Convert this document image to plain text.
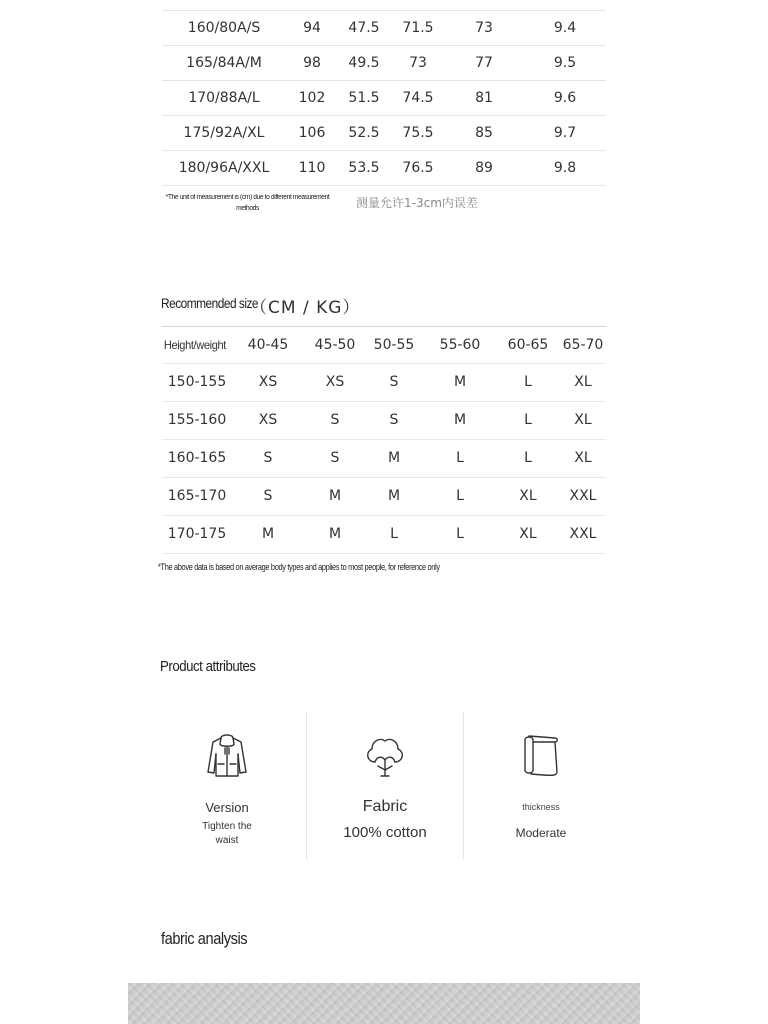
160/80A/S	94	47.5	71.5	73	9.4
165/84A/M	98	49.5	73	77	9.5
170/88A/L	102	51.5	74.5	81	9.6
175/92A/XL	106	52.5	75.5	85	9.7
180/96A/XXL	110	53.5	76.5	89	9.8
*The unit of measurement is (cm) due to different measurement methods	测量允许1-3cm内误差
Recommended size
（CM / KG）
Height/weight	40-45	45-50	50-55	55-60	60-65	65-70
150-155	XS	XS	S	M	L	XL
155-160	XS	S	S	M	L	XL
160-165	S	S	M	L	L	XL
165-170	S	M	M	L	XL	XXL
170-175	M	M	L	L	XL	XXL
*The above data is based on average body types and applies to most people, for reference only
Product attributes
Version
Tighten the waist
Fabric
100% cotton
thickness
Moderate
fabric analysis
